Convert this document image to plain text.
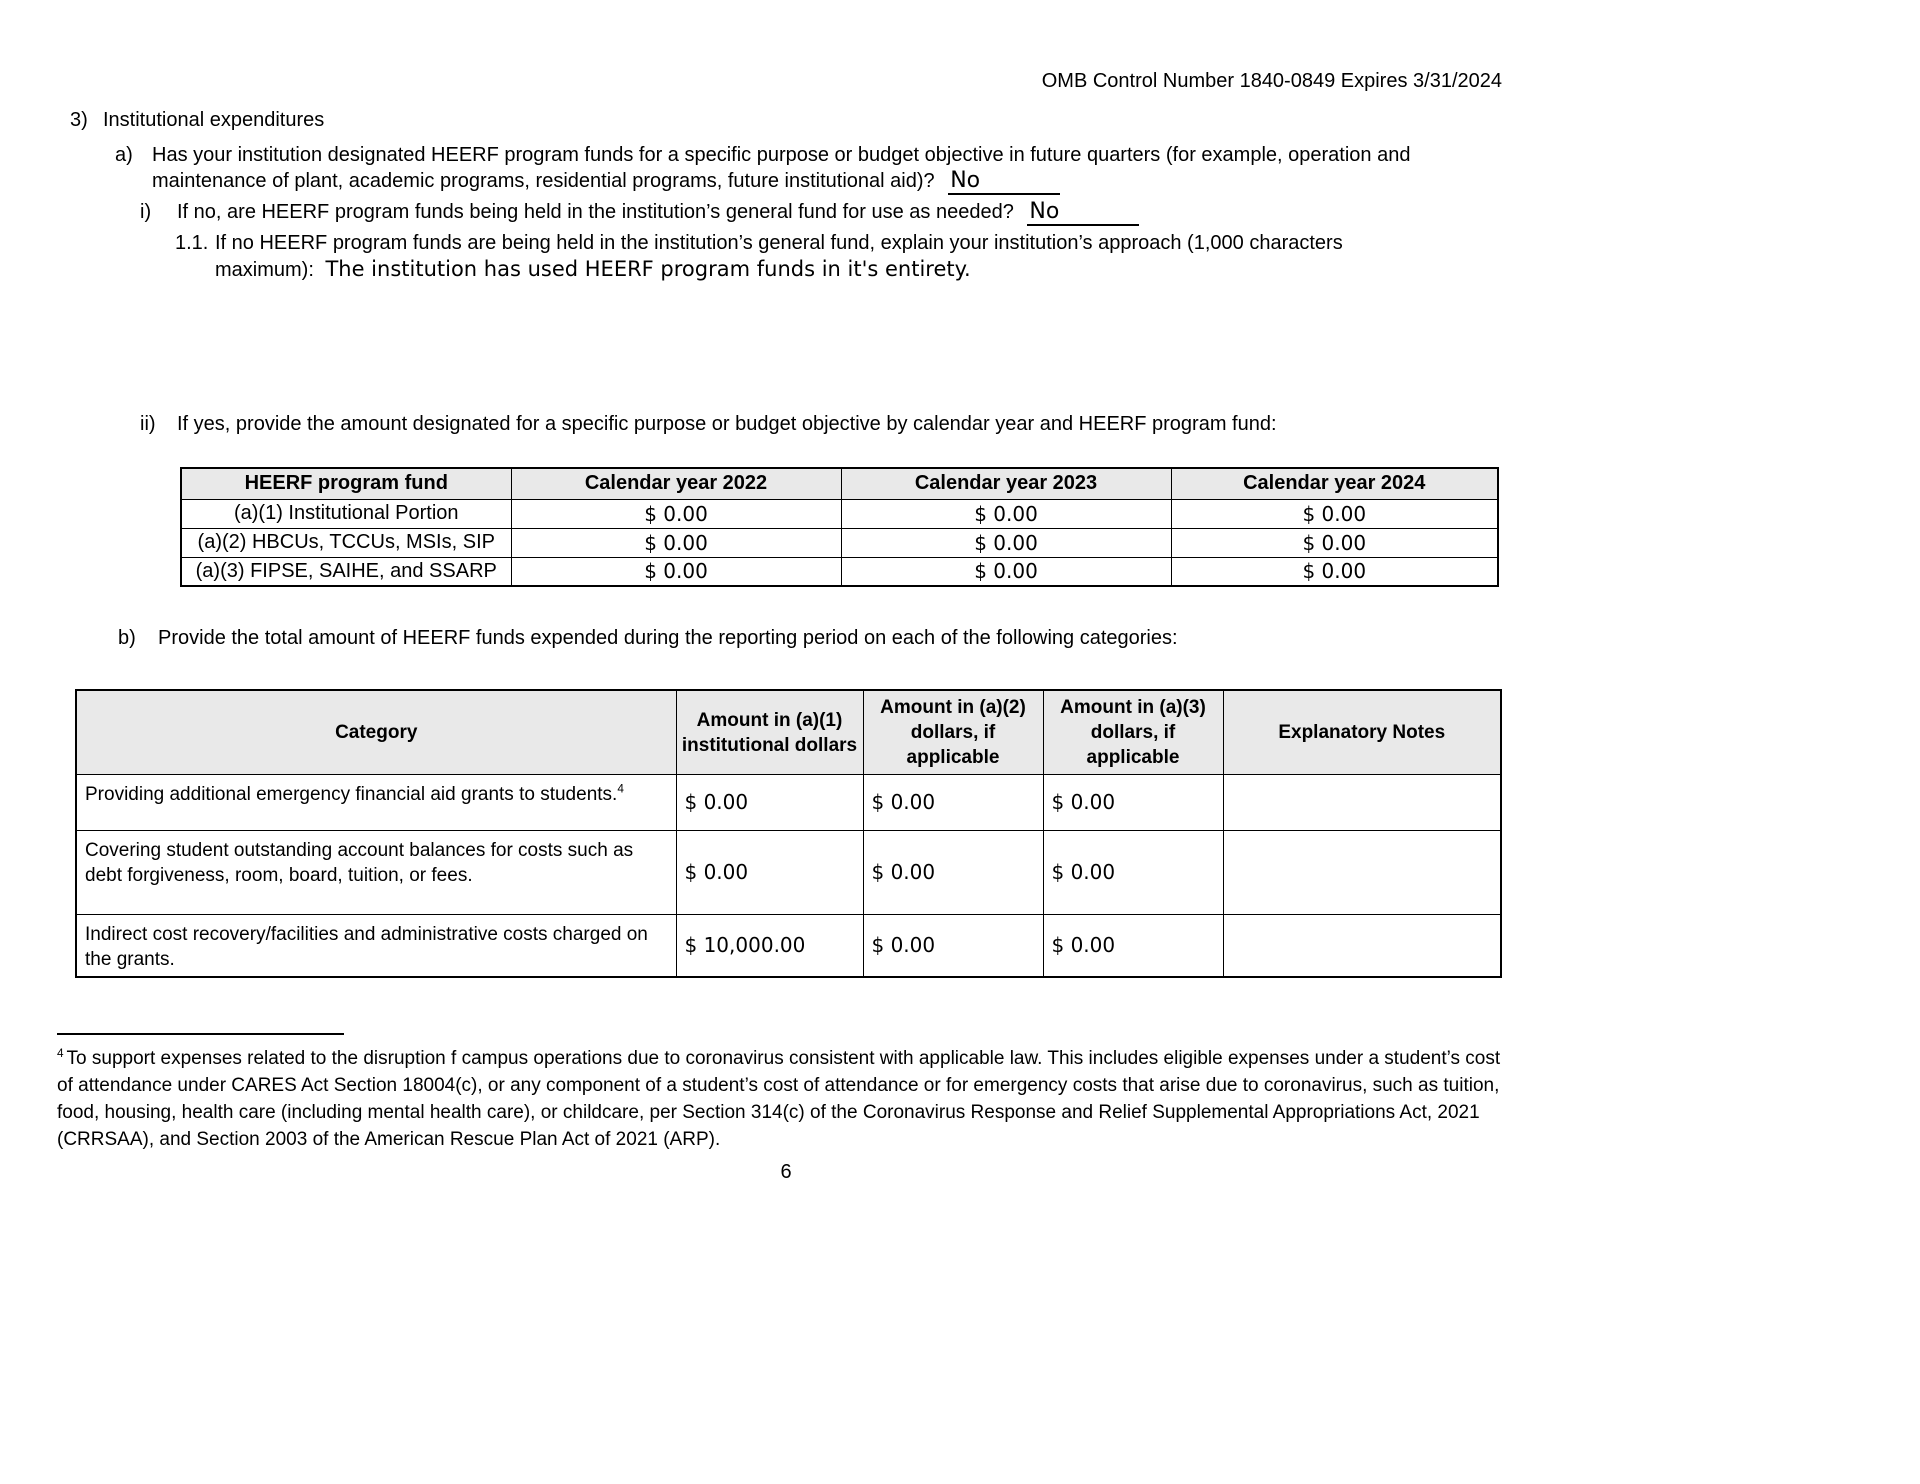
OMB Control Number 1840-0849 Expires 3/31/2024
3) Institutional expenditures
a) Has your institution designated HEERF program funds for a specific purpose or budget objective in future quarters (for example, operation and maintenance of plant, academic programs, residential programs, future institutional aid)? No
i) If no, are HEERF program funds being held in the institution’s general fund for use as needed? No
1.1. If no HEERF program funds are being held in the institution’s general fund, explain your institution’s approach (1,000 characters maximum): The institution has used HEERF program funds in it's entirety.
ii) If yes, provide the amount designated for a specific purpose or budget objective by calendar year and HEERF program fund:
HEERF program fund	Calendar year 2022	Calendar year 2023	Calendar year 2024
(a)(1) Institutional Portion	$ 0.00	$ 0.00	$ 0.00
(a)(2) HBCUs, TCCUs, MSIs, SIP	$ 0.00	$ 0.00	$ 0.00
(a)(3) FIPSE, SAIHE, and SSARP	$ 0.00	$ 0.00	$ 0.00
b) Provide the total amount of HEERF funds expended during the reporting period on each of the following categories:
Category	Amount in (a)(1) institutional dollars	Amount in (a)(2) dollars, if applicable	Amount in (a)(3) dollars, if applicable	Explanatory Notes
Providing additional emergency financial aid grants to students.$^4$	$ 0.00	$ 0.00	$ 0.00	
Covering student outstanding account balances for costs such as debt forgiveness, room, board, tuition, or fees.	$ 0.00	$ 0.00	$ 0.00	
Indirect cost recovery/facilities and administrative costs charged on the grants.	$ 10,000.00	$ 0.00	$ 0.00	
$^4$ To support expenses related to the disruption f campus operations due to coronavirus consistent with applicable law. This includes eligible expenses under a student’s cost of attendance under CARES Act Section 18004(c), or any component of a student’s cost of attendance or for emergency costs that arise due to coronavirus, such as tuition, food, housing, health care (including mental health care), or childcare, per Section 314(c) of the Coronavirus Response and Relief Supplemental Appropriations Act, 2021 (CRRSAA), and Section 2003 of the American Rescue Plan Act of 2021 (ARP).
6
